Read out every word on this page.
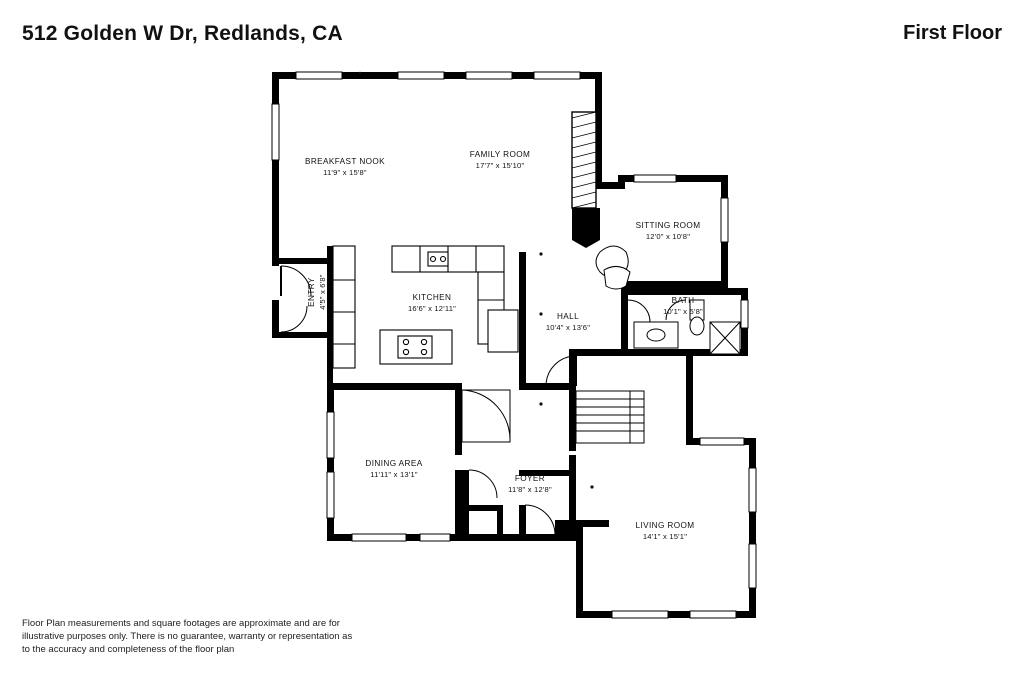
512 Golden W Dr, Redlands, CA	First Floor
BREAKFAST NOOK
11'9" x 15'8"
FAMILY ROOM
17'7" x 15'10"
SITTING ROOM
12'0" x 10'8"
ENTRY 4'5" x 6'8"	KITCHEN
16'6" x 12'11"
HALL
10'4" x 13'6"
BATH
10'1" x 5'8"
DINING AREA
11'11" x 13'1"	FOYER
11'8" x 12'8"
LIVING ROOM
14'1" x 15'1"
Floor Plan measurements and square footages are approximate and are for illustrative purposes only. There is no guarantee, warranty or representation as to the accuracy and completeness of the floor plan
